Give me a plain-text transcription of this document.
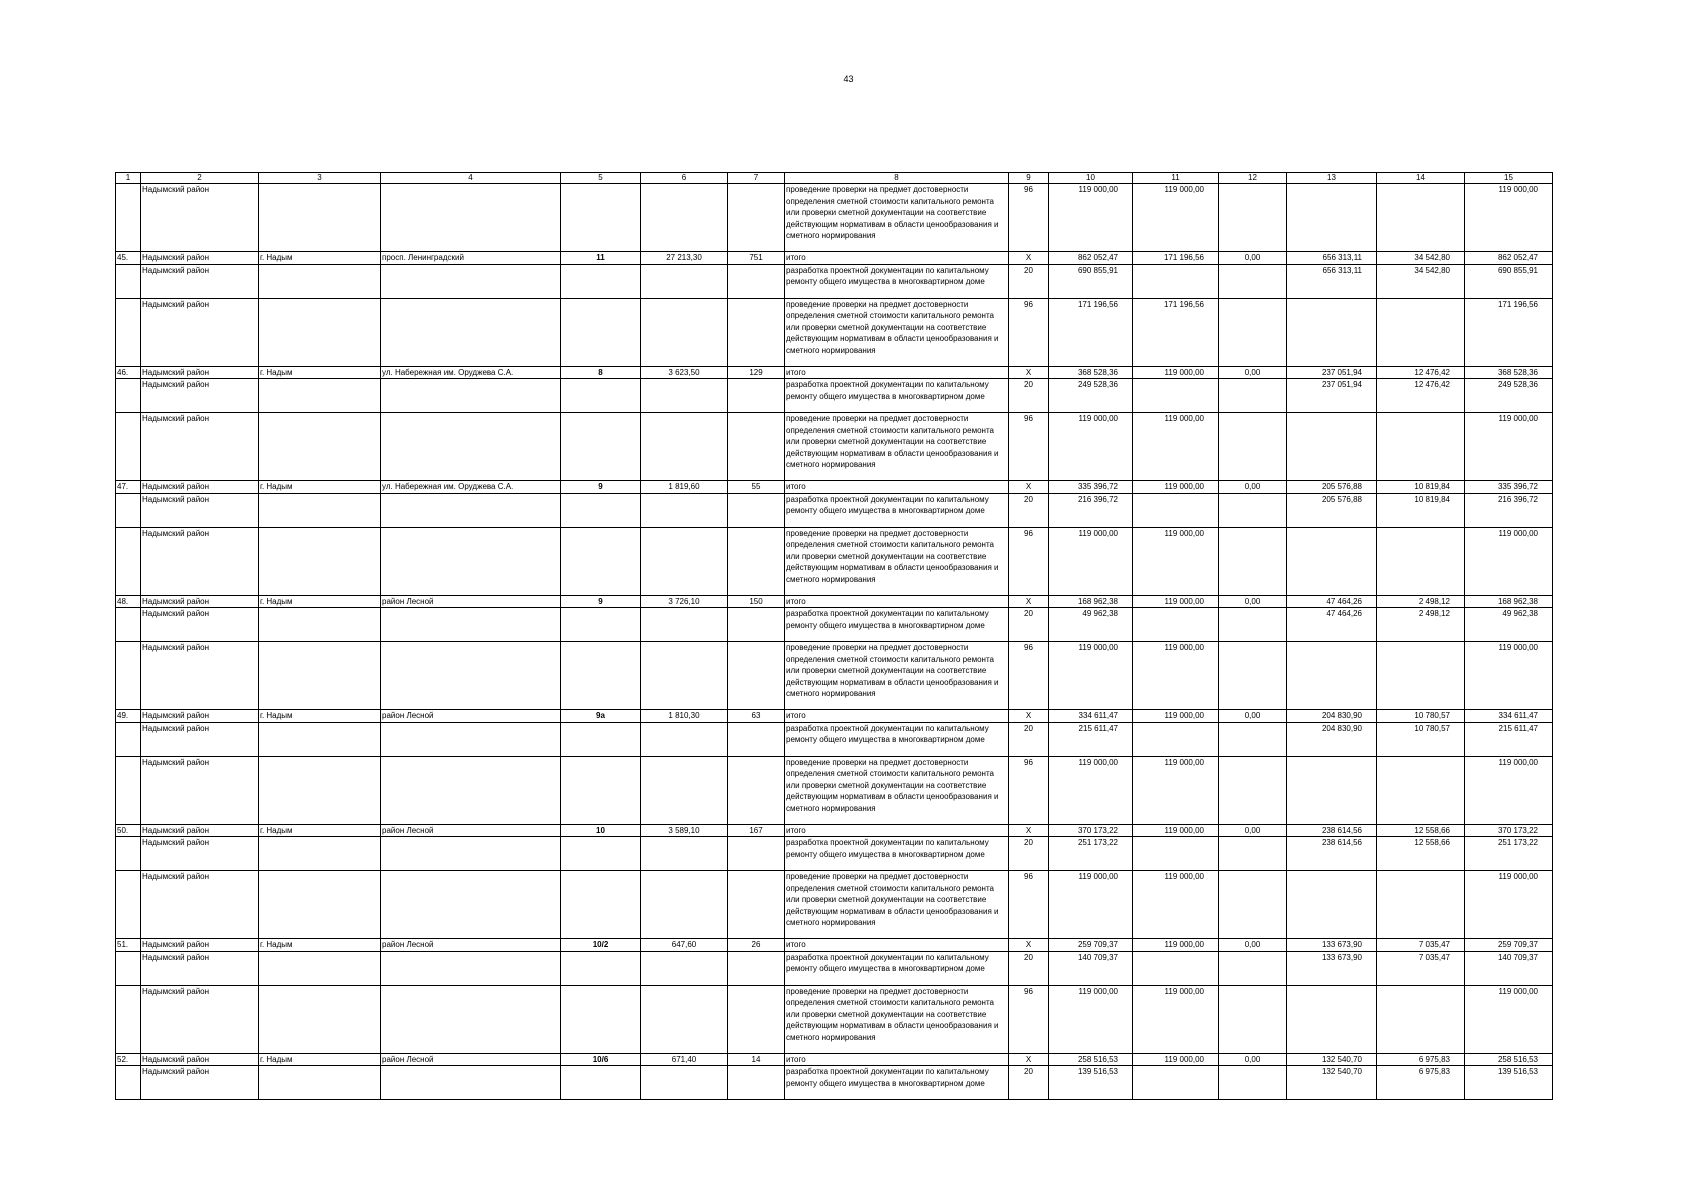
43
1	2	3	4	5	6	7	8	9	10	11	12	13	14	15
	Надымский район						проведение проверки на предмет достоверности определения сметной стоимости капитального ремонта или проверки сметной документации на соответствие действующим нормативам в области ценообразования и сметного нормирования	96	119 000,00	119 000,00				119 000,00
45.	Надымский район	г. Надым	просп. Ленинградский	11	27 213,30	751	итого	X	862 052,47	171 196,56	0,00	656 313,11	34 542,80	862 052,47
	Надымский район						разработка проектной документации по капитальному ремонту общего имущества в многоквартирном доме	20	690 855,91			656 313,11	34 542,80	690 855,91
	Надымский район						проведение проверки на предмет достоверности определения сметной стоимости капитального ремонта или проверки сметной документации на соответствие действующим нормативам в области ценообразования и сметного нормирования	96	171 196,56	171 196,56				171 196,56
46.	Надымский район	г. Надым	ул. Набережная им. Оруджева С.А.	8	3 623,50	129	итого	X	368 528,36	119 000,00	0,00	237 051,94	12 476,42	368 528,36
	Надымский район						разработка проектной документации по капитальному ремонту общего имущества в многоквартирном доме	20	249 528,36			237 051,94	12 476,42	249 528,36
	Надымский район						проведение проверки на предмет достоверности определения сметной стоимости капитального ремонта или проверки сметной документации на соответствие действующим нормативам в области ценообразования и сметного нормирования	96	119 000,00	119 000,00				119 000,00
47.	Надымский район	г. Надым	ул. Набережная им. Оруджева С.А.	9	1 819,60	55	итого	X	335 396,72	119 000,00	0,00	205 576,88	10 819,84	335 396,72
	Надымский район						разработка проектной документации по капитальному ремонту общего имущества в многоквартирном доме	20	216 396,72			205 576,88	10 819,84	216 396,72
	Надымский район						проведение проверки на предмет достоверности определения сметной стоимости капитального ремонта или проверки сметной документации на соответствие действующим нормативам в области ценообразования и сметного нормирования	96	119 000,00	119 000,00				119 000,00
48.	Надымский район	г. Надым	район Лесной	9	3 726,10	150	итого	X	168 962,38	119 000,00	0,00	47 464,26	2 498,12	168 962,38
	Надымский район						разработка проектной документации по капитальному ремонту общего имущества в многоквартирном доме	20	49 962,38			47 464,26	2 498,12	49 962,38
	Надымский район						проведение проверки на предмет достоверности определения сметной стоимости капитального ремонта или проверки сметной документации на соответствие действующим нормативам в области ценообразования и сметного нормирования	96	119 000,00	119 000,00				119 000,00
49.	Надымский район	г. Надым	район Лесной	9а	1 810,30	63	итого	X	334 611,47	119 000,00	0,00	204 830,90	10 780,57	334 611,47
	Надымский район						разработка проектной документации по капитальному ремонту общего имущества в многоквартирном доме	20	215 611,47			204 830,90	10 780,57	215 611,47
	Надымский район						проведение проверки на предмет достоверности определения сметной стоимости капитального ремонта или проверки сметной документации на соответствие действующим нормативам в области ценообразования и сметного нормирования	96	119 000,00	119 000,00				119 000,00
50.	Надымский район	г. Надым	район Лесной	10	3 589,10	167	итого	X	370 173,22	119 000,00	0,00	238 614,56	12 558,66	370 173,22
	Надымский район						разработка проектной документации по капитальному ремонту общего имущества в многоквартирном доме	20	251 173,22			238 614,56	12 558,66	251 173,22
	Надымский район						проведение проверки на предмет достоверности определения сметной стоимости капитального ремонта или проверки сметной документации на соответствие действующим нормативам в области ценообразования и сметного нормирования	96	119 000,00	119 000,00				119 000,00
51.	Надымский район	г. Надым	район Лесной	10/2	647,60	26	итого	X	259 709,37	119 000,00	0,00	133 673,90	7 035,47	259 709,37
	Надымский район						разработка проектной документации по капитальному ремонту общего имущества в многоквартирном доме	20	140 709,37			133 673,90	7 035,47	140 709,37
	Надымский район						проведение проверки на предмет достоверности определения сметной стоимости капитального ремонта или проверки сметной документации на соответствие действующим нормативам в области ценообразования и сметного нормирования	96	119 000,00	119 000,00				119 000,00
52.	Надымский район	г. Надым	район Лесной	10/6	671,40	14	итого	X	258 516,53	119 000,00	0,00	132 540,70	6 975,83	258 516,53
	Надымский район						разработка проектной документации по капитальному ремонту общего имущества в многоквартирном доме	20	139 516,53			132 540,70	6 975,83	139 516,53
